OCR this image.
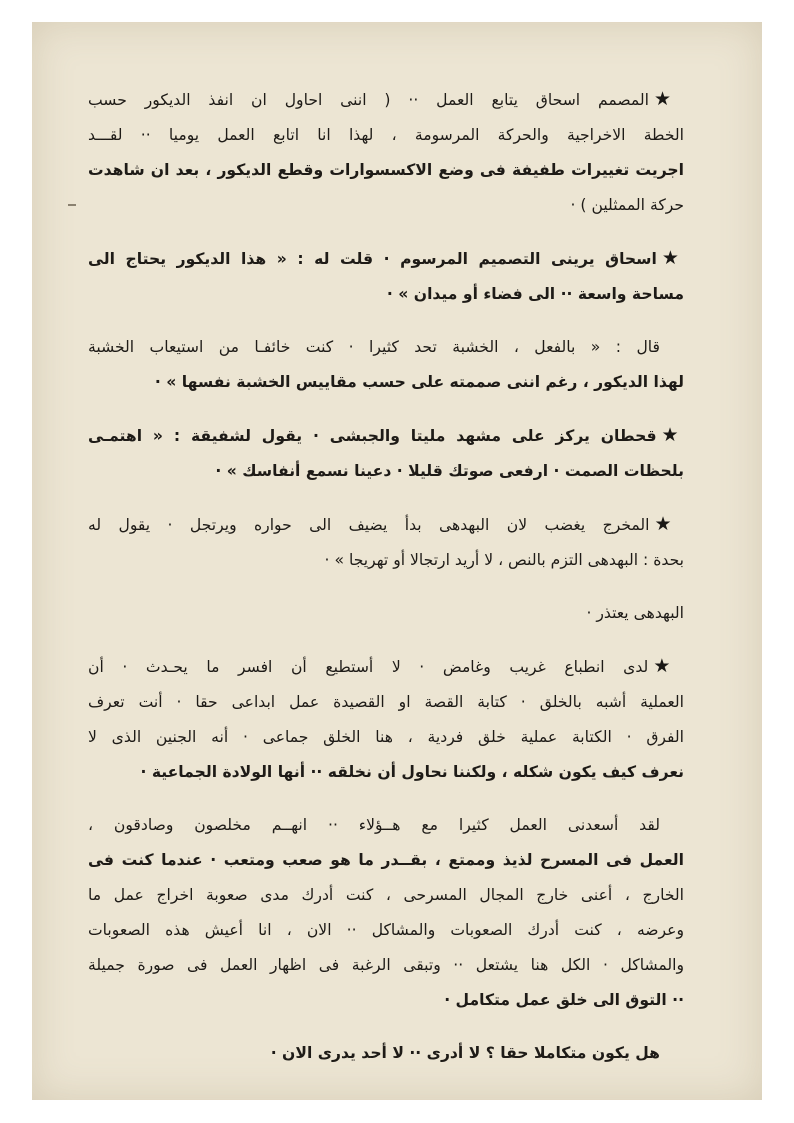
★المصمم اسحاق يتابع العمل ·· ( اننى احاول ان انفذ الديكور حسب
الخطة الاخراجية والحركة المرسومة ، لهذا انا اتابع العمل يوميا ·· لقـــد
اجريت تغييرات طفيفة فى وضع الاكسسوارات وقطع الديكور ، بعد ان شاهدت
حركة الممثلين ) ·
★اسحاق يرينى التصميم المرسوم · قلت له : « هذا الديكور يحتاج الى
مساحة واسعة ·· الى فضاء أو ميدان » ·
قال : « بالفعل ، الخشبة تحد كثيرا · كنت خائفـا من استيعاب الخشبة
لهذا الديكور ، رغم اننى صممته على حسب مقاييس الخشبة نفسها » ·
★قحطان يركز على مشهد مليتا والجبشى · يقول لشفيقة : « اهتمـى
بلحظات الصمت · ارفعى صوتك قليلا · دعينا نسمع أنفاسك » ·
★المخرج يغضب لان البهدهى بدأ يضيف الى حواره ويرتجل · يقول له
بحدة : البهدهى التزم بالنص ، لا أريد ارتجالا أو تهريجا » ·
البهدهى يعتذر ·
★لدى انطباع غريب وغامض · لا أستطيع أن افسر ما يحـدث · أن
العملية أشبه بالخلق · كتابة القصة او القصيدة عمل ابداعى حقا · أنت تعرف
الفرق · الكتابة عملية خلق فردية ، هنا الخلق جماعى · أنه الجنين الذى لا
نعرف كيف يكون شكله ، ولكننا نحاول أن نخلقه ·· أنها الولادة الجماعية ·
لقد أسعدنى العمل كثيرا مع هــؤلاء ·· انهــم مخلصون وصادقون ،
العمل فى المسرح لذيذ وممتع ، بقــدر ما هو صعب ومتعب · عندما كنت فى
الخارج ، أعنى خارج المجال المسرحى ، كنت أدرك مدى صعوبة اخراج عمل ما
وعرضه ، كنت أدرك الصعوبات والمشاكل ·· الان ، انا أعيش هذه الصعوبات
والمشاكل · الكل هنا يشتعل ·· وتبقى الرغبة فى اظهار العمل فى صورة جميلة
·· التوق الى خلق عمل متكامل ·
هل يكون متكاملا حقا ؟ لا أدرى ·· لا أحد يدرى الان ·
